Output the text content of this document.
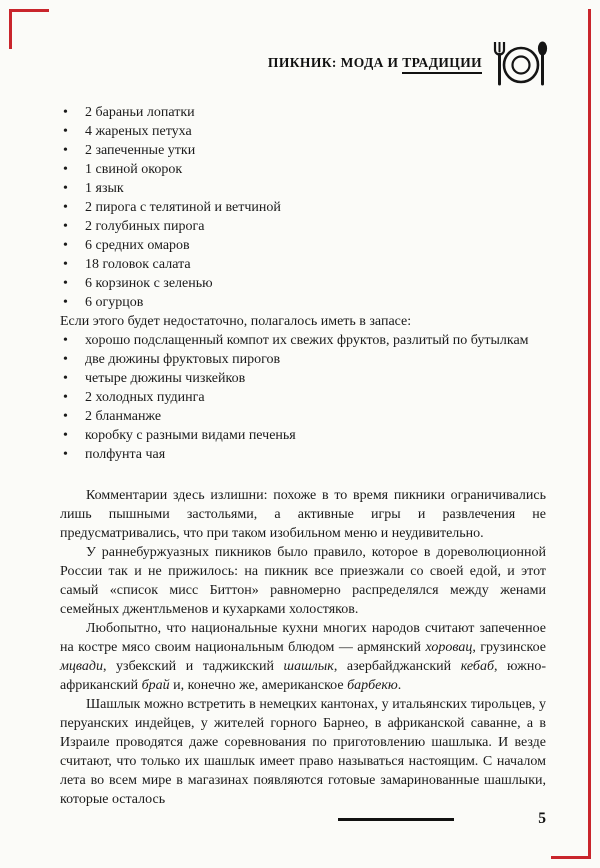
ПИКНИК: МОДА И ТРАДИЦИИ
• 2 бараньи лопатки
• 4 жареных петуха
• 2 запеченные утки
• 1 свиной окорок
• 1 язык
• 2 пирога с телятиной и ветчиной
• 2 голубиных пирога
• 6 средних омаров
• 18 головок салата
• 6 корзинок с зеленью
• 6 огурцов

Если этого будет недостаточно, полагалось иметь в запасе:

• хорошо подслащенный компот их свежих фруктов, разлитый по бутылкам
• две дюжины фруктовых пирогов
• четыре дюжины чизкейков
• 2 холодных пудинга
• 2 бланманже
• коробку с разными видами печенья
• полфунта чая

Комментарии здесь излишни: похоже в то время пикники ограничивались лишь пышными застольями, а активные игры и развлечения не предусматривались, что при таком изобильном меню и неудивительно.

У раннебуржуазных пикников было правило, которое в дореволюционной России так и не прижилось: на пикник все приезжали со своей едой, и этот самый «список мисс Биттон» равномерно распределялся между женами семейных джентльменов и кухарками холостяков.

Любопытно, что национальные кухни многих народов считают запеченное на костре мясо своим национальным блюдом — армянский хоровац, грузинское мцвади, узбекский и таджикский шашлык, азербайджанский кебаб, южно-африканский брай и, конечно же, американское барбекю.

Шашлык можно встретить в немецких кантонах, у итальянских тирольцев, у перуанских индейцев, у жителей горного Барнео, в африканской саванне, а в Израиле проводятся даже соревнования по приготовлению шашлыка. И везде считают, что только их шашлык имеет право называться настоящим. С началом лета во всем мире в магазинах появляются готовые замаринованные шашлыки, которые осталось

5
